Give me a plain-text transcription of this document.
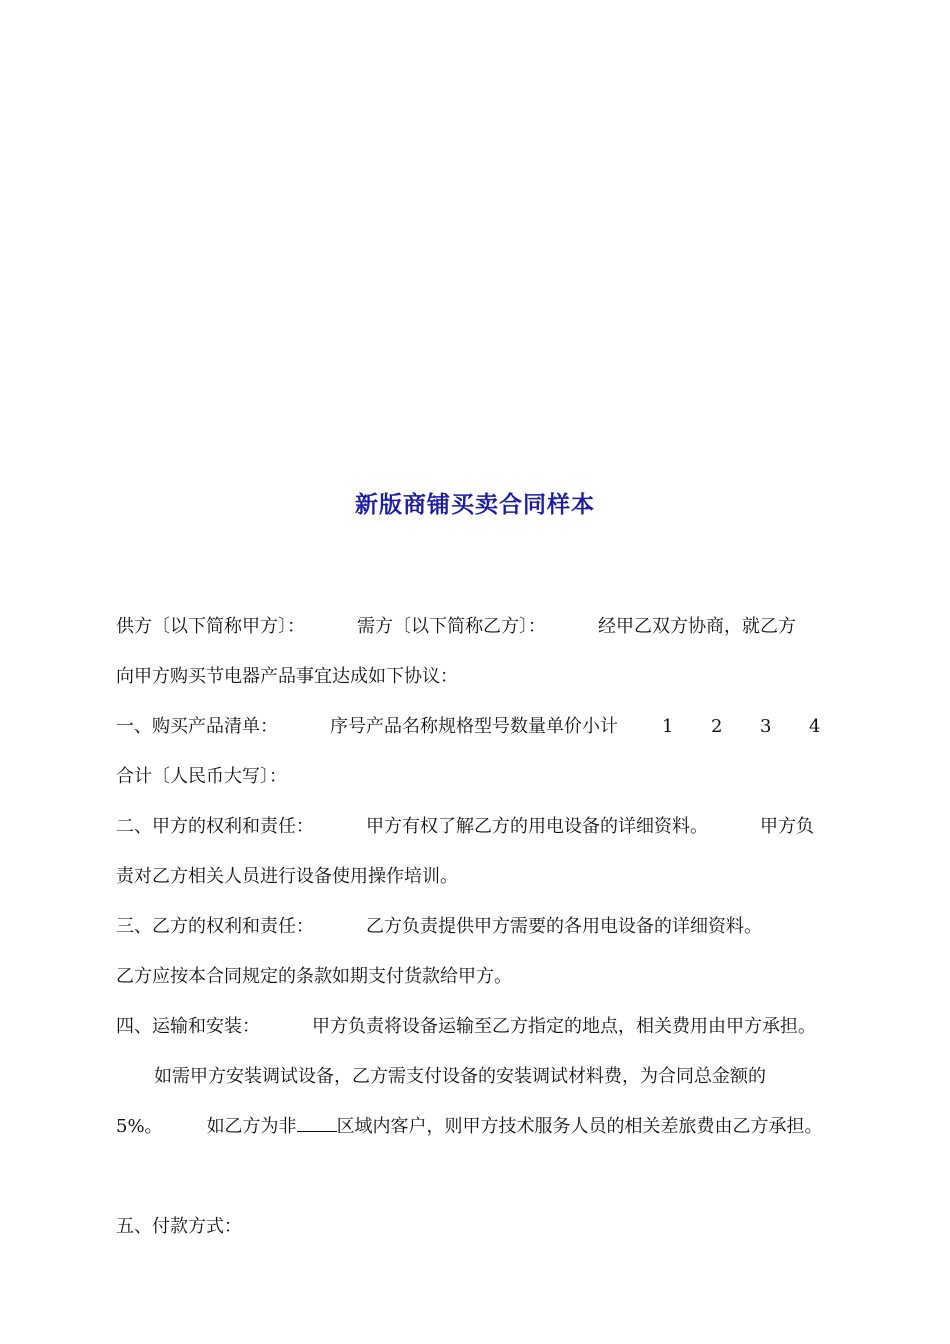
新版商铺买卖合同样本
供方〔以下简称甲方〕：	需方〔以下简称乙方〕：	经甲乙双方协商，就乙方
向甲方购买节电器产品事宜达成如下协议：
一、购买产品清单：	序号产品名称规格型号数量单价小计 1 2 3 4
合计〔人民币大写〕：
二、甲方的权利和责任：	甲方有权了解乙方的用电设备的详细资料。	甲方负
责对乙方相关人员进行设备使用操作培训。
三、乙方的权利和责任：	乙方负责提供甲方需要的各用电设备的详细资料。
乙方应按本合同规定的条款如期支付货款给甲方。
四、运输和安装：	甲方负责将设备运输至乙方指定的地点，相关费用由甲方承担。
如需甲方安装调试设备，乙方需支付设备的安装调试材料费，为合同总金额的
5%。 如乙方为非 区域内客户，则甲方技术服务人员的相关差旅费由乙方承担。
五、付款方式：
